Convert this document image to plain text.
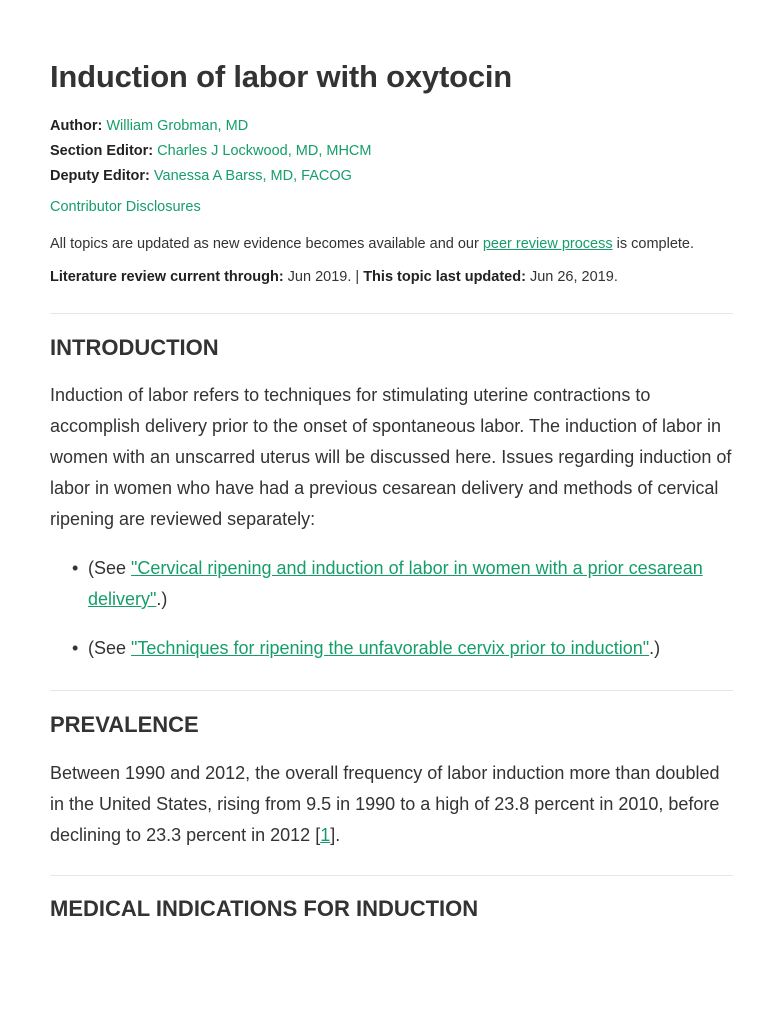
Induction of labor with oxytocin
Author: William Grobman, MD
Section Editor: Charles J Lockwood, MD, MHCM
Deputy Editor: Vanessa A Barss, MD, FACOG
Contributor Disclosures
All topics are updated as new evidence becomes available and our peer review process is complete.
Literature review current through: Jun 2019. | This topic last updated: Jun 26, 2019.
INTRODUCTION

Induction of labor refers to techniques for stimulating uterine contractions to accomplish delivery prior to the onset of spontaneous labor. The induction of labor in women with an unscarred uterus will be discussed here. Issues regarding induction of labor in women who have had a previous cesarean delivery and methods of cervical ripening are reviewed separately:

• (See "Cervical ripening and induction of labor in women with a prior cesarean delivery".)
• (See "Techniques for ripening the unfavorable cervix prior to induction".)
PREVALENCE

Between 1990 and 2012, the overall frequency of labor induction more than doubled in the United States, rising from 9.5 in 1990 to a high of 23.8 percent in 2010, before declining to 23.3 percent in 2012 [1].

MEDICAL INDICATIONS FOR INDUCTION
